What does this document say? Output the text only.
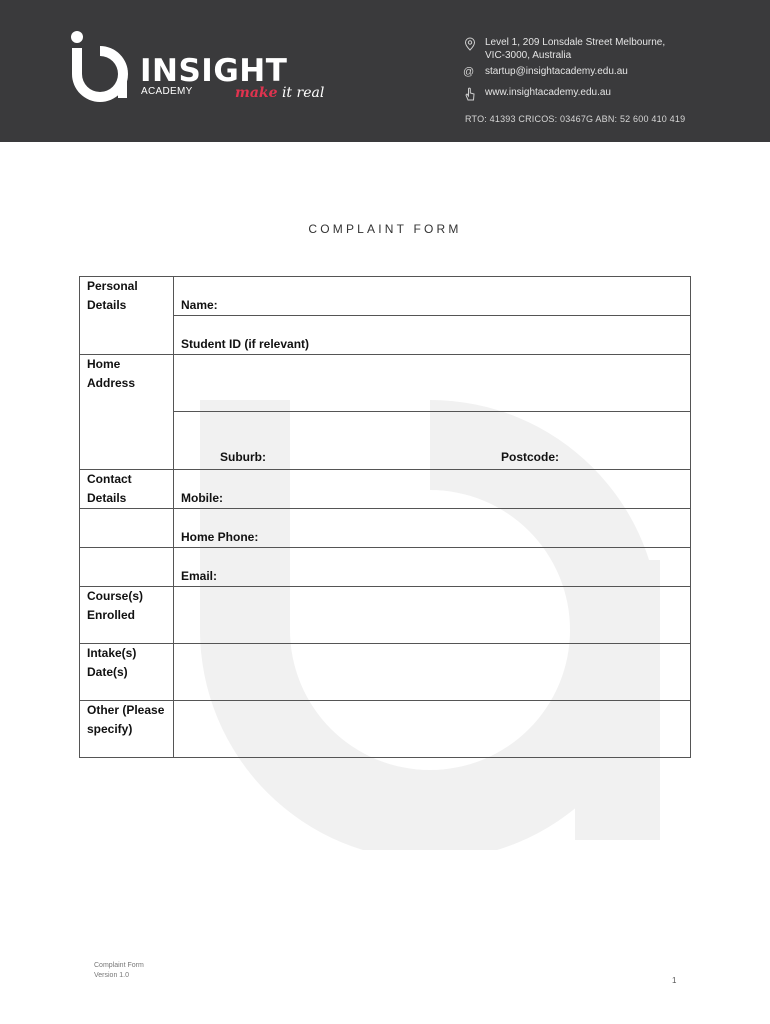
INSIGHT
ACADEMY	make it real
Level 1, 209 Lonsdale Street Melbourne,
VIC-3000, Australia
@ startup@insightacademy.edu.au
www.insightacademy.edu.au
RTO: 41393 CRICOS: 03467G ABN: 52 600 410 419
COMPLAINT FORM
Personal Details	Name:

	Student ID (if relevant)

Home Address	

	Suburb: Postcode:

Contact Details	Mobile:

	Home Phone:

	Email:

Course(s) Enrolled	
Intake(s) Date(s)	
Other (Please specify)	
Complaint Form
Version 1.0
1
